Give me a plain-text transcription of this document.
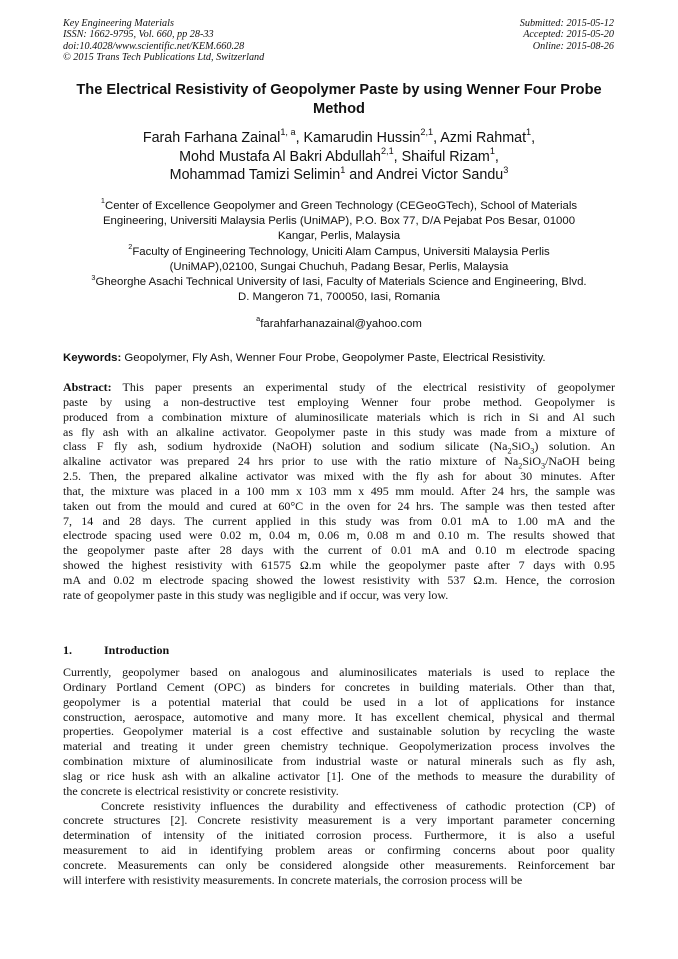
Key Engineering Materials
ISSN: 1662-9795, Vol. 660, pp 28-33
doi:10.4028/www.scientific.net/KEM.660.28
© 2015 Trans Tech Publications Ltd, Switzerland
Submitted: 2015-05-12
Accepted: 2015-05-20
Online: 2015-08-26
The Electrical Resistivity of Geopolymer Paste by using Wenner Four Probe
Method
Farah Farhana Zainal$^{1, a}$, Kamarudin Hussin$^{2,1}$, Azmi Rahmat$^1$,
Mohd Mustafa Al Bakri Abdullah$^{2,1}$, Shaiful Rizam$^1$,
Mohammad Tamizi Selimin$^1$ and Andrei Victor Sandu$^3$
$^1$Center of Excellence Geopolymer and Green Technology (CEGeoGTech), School of Materials
Engineering, Universiti Malaysia Perlis (UniMAP), P.O. Box 77, D/A Pejabat Pos Besar, 01000
Kangar, Perlis, Malaysia
$^2$Faculty of Engineering Technology, Uniciti Alam Campus, Universiti Malaysia Perlis
(UniMAP),02100, Sungai Chuchuh, Padang Besar, Perlis, Malaysia
$^3$Gheorghe Asachi Technical University of Iasi, Faculty of Materials Science and Engineering, Blvd.
D. Mangeron 71, 700050, Iasi, Romania
$^a$farahfarhanazainal@yahoo.com
Keywords: Geopolymer, Fly Ash, Wenner Four Probe, Geopolymer Paste, Electrical Resistivity.
Abstract: This paper presents an experimental study of the electrical resistivity of geopolymer
paste by using a non-destructive test employing Wenner four probe method. Geopolymer is
produced from a combination mixture of aluminosilicate materials which is rich in Si and Al such
as fly ash with an alkaline activator. Geopolymer paste in this study was made from a mixture of
class F fly ash, sodium hydroxide (NaOH) solution and sodium silicate $(Na_2SiO_3)$ solution. An
alkaline activator was prepared 24 hrs prior to use with the ratio mixture of $Na_2SiO_3$/NaOH being
2.5. Then, the prepared alkaline activator was mixed with the fly ash for about 30 minutes. After
that, the mixture was placed in a 100 mm x 103 mm x 495 mm mould. After 24 hrs, the sample was
taken out from the mould and cured at 60°C in the oven for 24 hrs. The sample was then tested after
7, 14 and 28 days. The current applied in this study was from 0.01 mA to 1.00 mA and the
electrode spacing used were 0.02 m, 0.04 m, 0.06 m, 0.08 m and 0.10 m. The results showed that
the geopolymer paste after 28 days with the current of 0.01 mA and 0.10 m electrode spacing
showed the highest resistivity with 61575 Ω.m while the geopolymer paste after 7 days with 0.95
mA and 0.02 m electrode spacing showed the lowest resistivity with 537 Ω.m. Hence, the corrosion
rate of geopolymer paste in this study was negligible and if occur, was very low.
1.	Introduction
Currently, geopolymer based on analogous and aluminosilicates materials is used to replace the
Ordinary Portland Cement (OPC) as binders for concretes in building materials. Other than that,
geopolymer is a potential material that could be used in a lot of applications for instance
construction, aerospace, automotive and many more. It has excellent chemical, physical and thermal
properties. Geopolymer material is a cost effective and sustainable solution by recycling the waste
material and treating it under green chemistry technique. Geopolymerization process involves the
combination mixture of aluminosilicate from industrial waste or natural minerals such as fly ash,
slag or rice husk ash with an alkaline activator [1]. One of the methods to measure the durability of
the concrete is electrical resistivity or concrete resistivity.
Concrete resistivity influences the durability and effectiveness of cathodic protection (CP) of
concrete structures [2]. Concrete resistivity measurement is a very important parameter concerning
determination of intensity of the initiated corrosion process. Furthermore, it is also a useful
measurement to aid in identifying problem areas or confirming concerns about poor quality
concrete. Measurements can only be considered alongside other measurements. Reinforcement bar
will interfere with resistivity measurements. In concrete materials, the corrosion process will be
